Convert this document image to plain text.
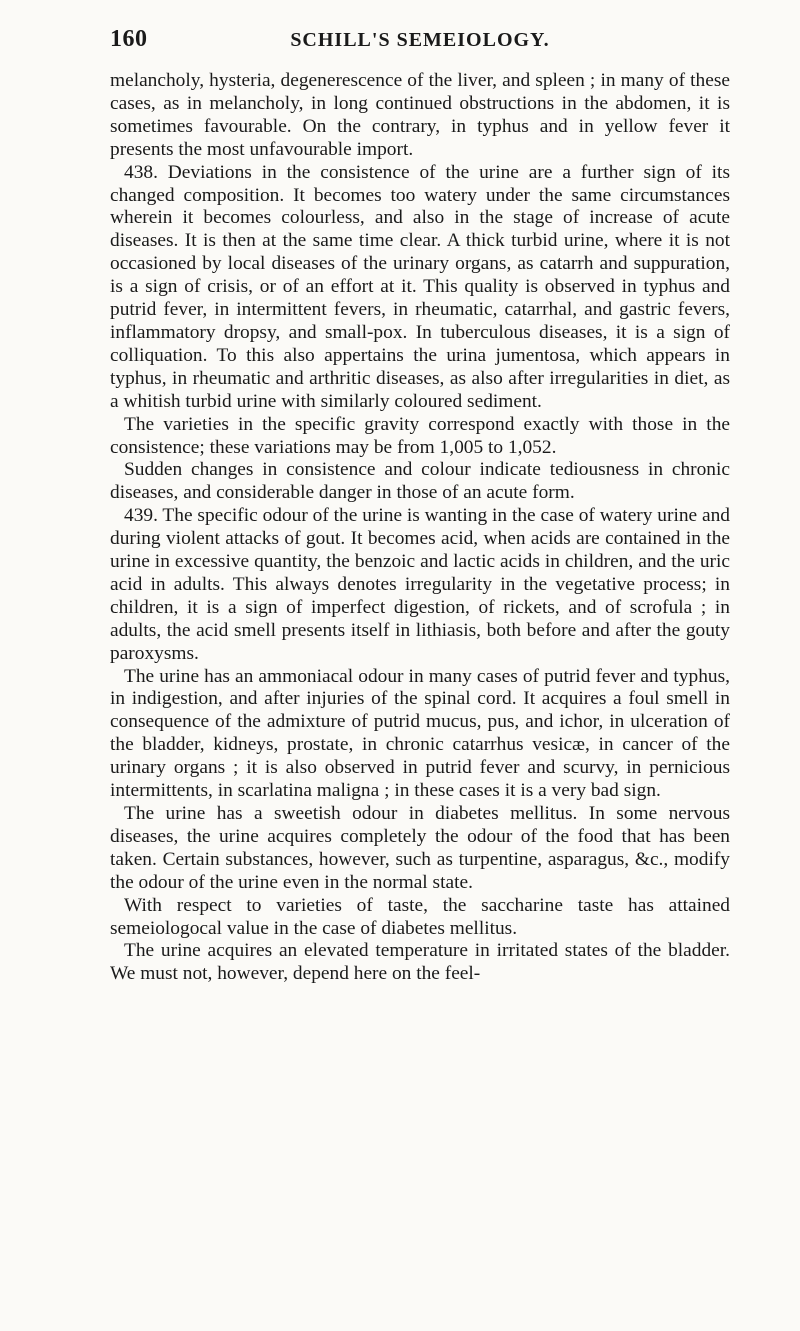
160	SCHILL'S SEMEIOLOGY.

melancholy, hysteria, degenerescence of the liver, and spleen ; in many of these cases, as in melancholy, in long continued obstructions in the abdomen, it is sometimes favourable. On the contrary, in typhus and in yellow fever it presents the most unfavourable import.

438. Deviations in the consistence of the urine are a further sign of its changed composition. It becomes too watery under the same circumstances wherein it becomes colourless, and also in the stage of increase of acute diseases. It is then at the same time clear. A thick turbid urine, where it is not occasioned by local diseases of the urinary organs, as catarrh and suppuration, is a sign of crisis, or of an effort at it. This quality is observed in typhus and putrid fever, in intermittent fevers, in rheumatic, catarrhal, and gastric fevers, inflammatory dropsy, and small-pox. In tuberculous diseases, it is a sign of colliquation. To this also appertains the urina jumentosa, which appears in typhus, in rheumatic and arthritic diseases, as also after irregularities in diet, as a whitish turbid urine with similarly coloured sediment.

The varieties in the specific gravity correspond exactly with those in the consistence; these variations may be from 1,005 to 1,052.

Sudden changes in consistence and colour indicate tediousness in chronic diseases, and considerable danger in those of an acute form.

439. The specific odour of the urine is wanting in the case of watery urine and during violent attacks of gout. It becomes acid, when acids are contained in the urine in excessive quantity, the benzoic and lactic acids in children, and the uric acid in adults. This always denotes irregularity in the vegetative process; in children, it is a sign of imperfect digestion, of rickets, and of scrofula ; in adults, the acid smell presents itself in lithiasis, both before and after the gouty paroxysms.

The urine has an ammoniacal odour in many cases of putrid fever and typhus, in indigestion, and after injuries of the spinal cord. It acquires a foul smell in consequence of the admixture of putrid mucus, pus, and ichor, in ulceration of the bladder, kidneys, prostate, in chronic catarrhus vesicæ, in cancer of the urinary organs ; it is also observed in putrid fever and scurvy, in pernicious intermittents, in scarlatina maligna ; in these cases it is a very bad sign.

The urine has a sweetish odour in diabetes mellitus. In some nervous diseases, the urine acquires completely the odour of the food that has been taken. Certain substances, however, such as turpentine, asparagus, &c., modify the odour of the urine even in the normal state.

With respect to varieties of taste, the saccharine taste has attained semeiologocal value in the case of diabetes mellitus.

The urine acquires an elevated temperature in irritated states of the bladder. We must not, however, depend here on the feel-
